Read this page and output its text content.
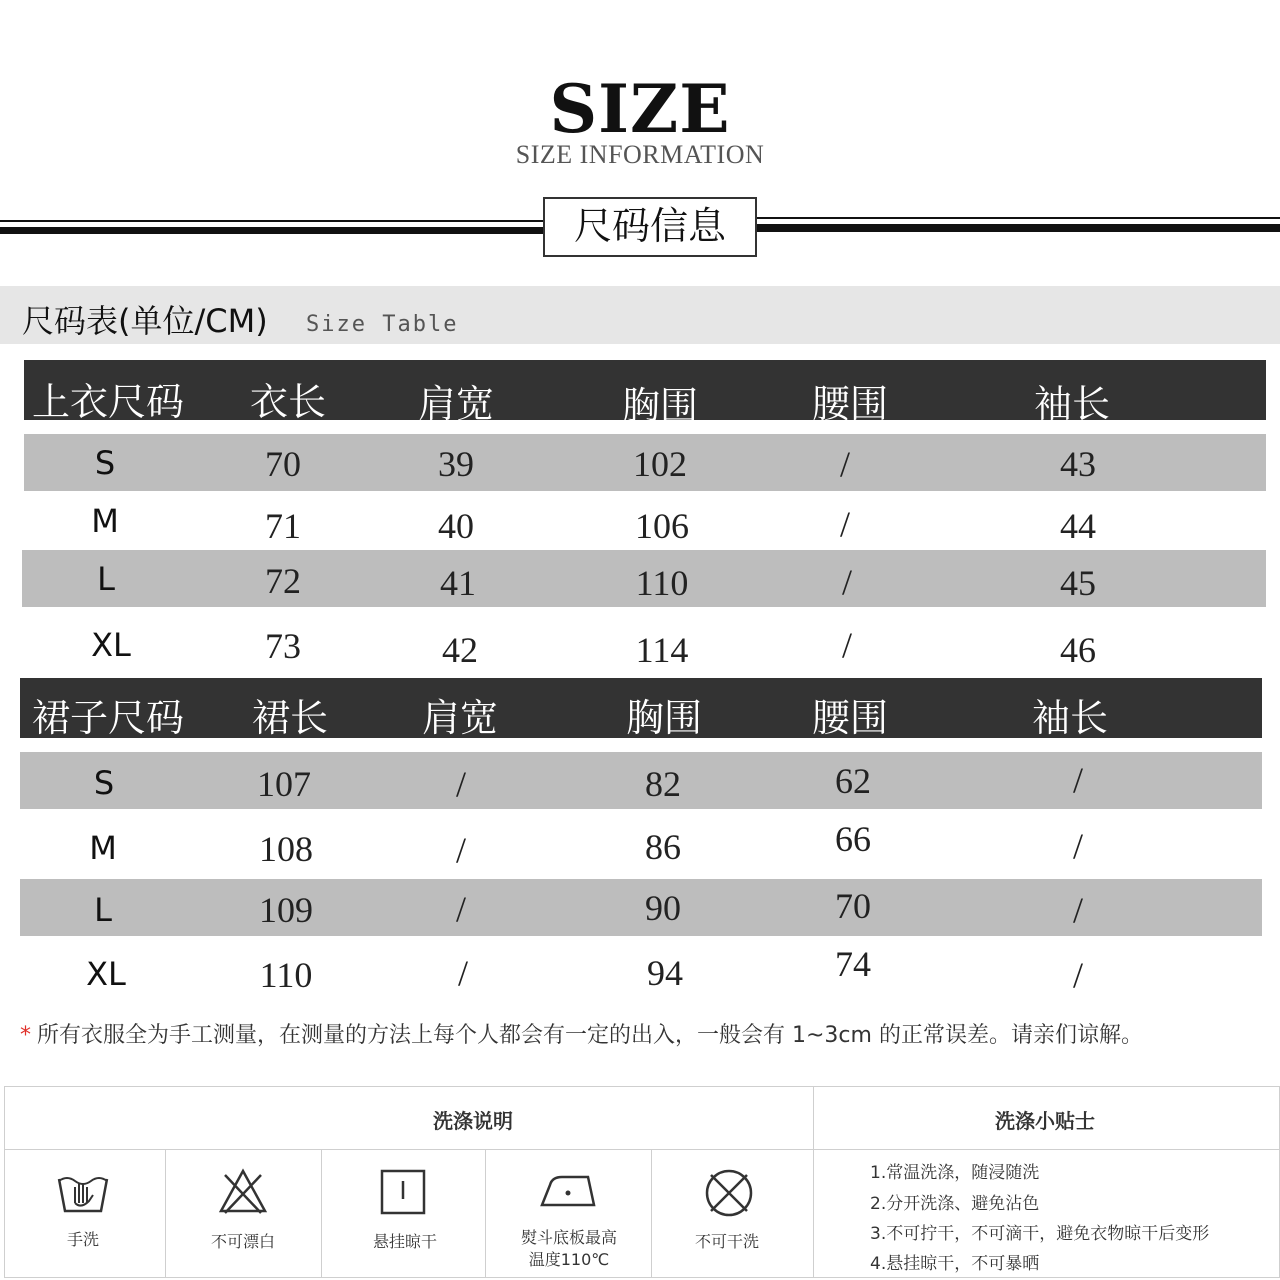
SIZE
SIZE INFORMATION
尺码信息
尺码表(单位/CM) Size Table
上衣尺码 衣长 肩宽	胸围	腰围	袖长
S	70	39	102	/	43
M	71	40	106	/	44
L	72	41	110	/	45
XL	73	42	114	/	46
裙子尺码 裙长 肩宽	胸围	腰围	袖长
S	107	/	82	62	/
M	108	/	86	66	/
L	109	/	90	70	/
XL	110	/	94	74	/
* 所有衣服全为手工测量，在测量的方法上每个人都会有一定的出入，一般会有 1~3cm 的正常误差。请亲们谅解。
洗涤说明	洗涤小贴士
手洗	不可漂白	悬挂晾干	熨斗底板最高
温度110℃
不可干洗
1.常温洗涤，随浸随洗
2.分开洗涤、避免沾色
3.不可拧干，不可滴干，避免衣物晾干后变形
4.悬挂晾干，不可暴晒
